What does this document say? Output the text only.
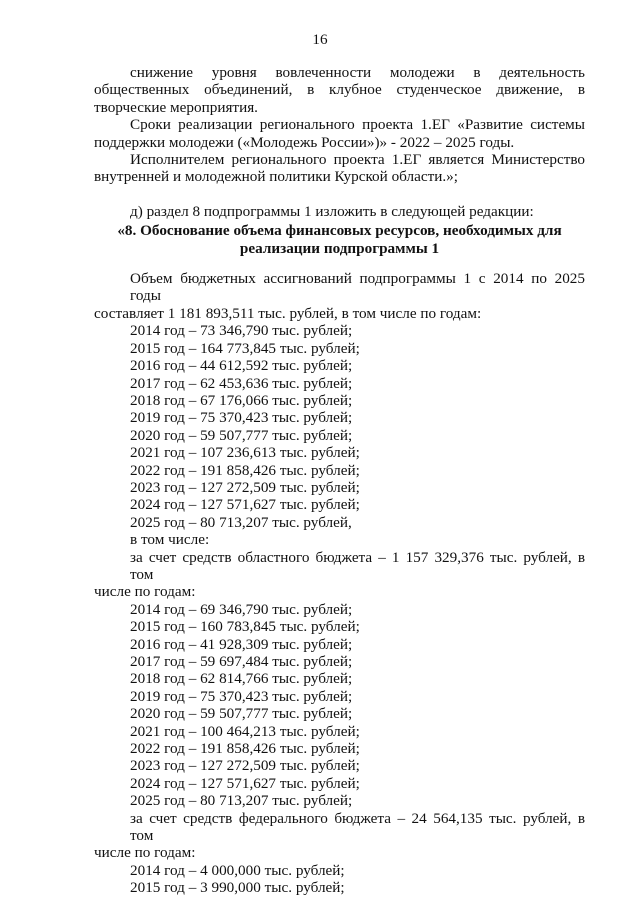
16

снижение уровня вовлеченности молодежи в деятельность

общественных объединений, в клубное студенческое движение, в

творческие мероприятия.

Сроки реализации регионального проекта 1.ЕГ «Развитие системы

поддержки молодежи («Молодежь России»)» - 2022 – 2025 годы.

Исполнителем регионального проекта 1.ЕГ является Министерство

внутренней и молодежной политики Курской области.»;

д) раздел 8 подпрограммы 1 изложить в следующей редакции:

«8. Обоснование объема финансовых ресурсов, необходимых для
реализации подпрограммы 1

Объем бюджетных ассигнований подпрограммы 1 с 2014 по 2025 годы

составляет 1 181 893,511 тыс. рублей, в том числе по годам:

2014 год – 73 346,790 тыс. рублей;
2015 год – 164 773,845 тыс. рублей;
2016 год – 44 612,592 тыс. рублей;
2017 год – 62 453,636 тыс. рублей;
2018 год – 67 176,066 тыс. рублей;
2019 год – 75 370,423 тыс. рублей;
2020 год – 59 507,777 тыс. рублей;
2021 год – 107 236,613 тыс. рублей;
2022 год – 191 858,426 тыс. рублей;
2023 год – 127 272,509 тыс. рублей;
2024 год – 127 571,627 тыс. рублей;
2025 год – 80 713,207 тыс. рублей,
в том числе:

за счет средств областного бюджета – 1 157 329,376 тыс. рублей, в том

числе по годам:

2014 год – 69 346,790 тыс. рублей;
2015 год – 160 783,845 тыс. рублей;
2016 год – 41 928,309 тыс. рублей;
2017 год – 59 697,484 тыс. рублей;
2018 год – 62 814,766 тыс. рублей;
2019 год – 75 370,423 тыс. рублей;
2020 год – 59 507,777 тыс. рублей;
2021 год – 100 464,213 тыс. рублей;
2022 год – 191 858,426 тыс. рублей;
2023 год – 127 272,509 тыс. рублей;
2024 год – 127 571,627 тыс. рублей;
2025 год – 80 713,207 тыс. рублей;

за счет средств федерального бюджета – 24 564,135 тыс. рублей, в том

числе по годам:

2014 год – 4 000,000 тыс. рублей;
2015 год – 3 990,000 тыс. рублей;
